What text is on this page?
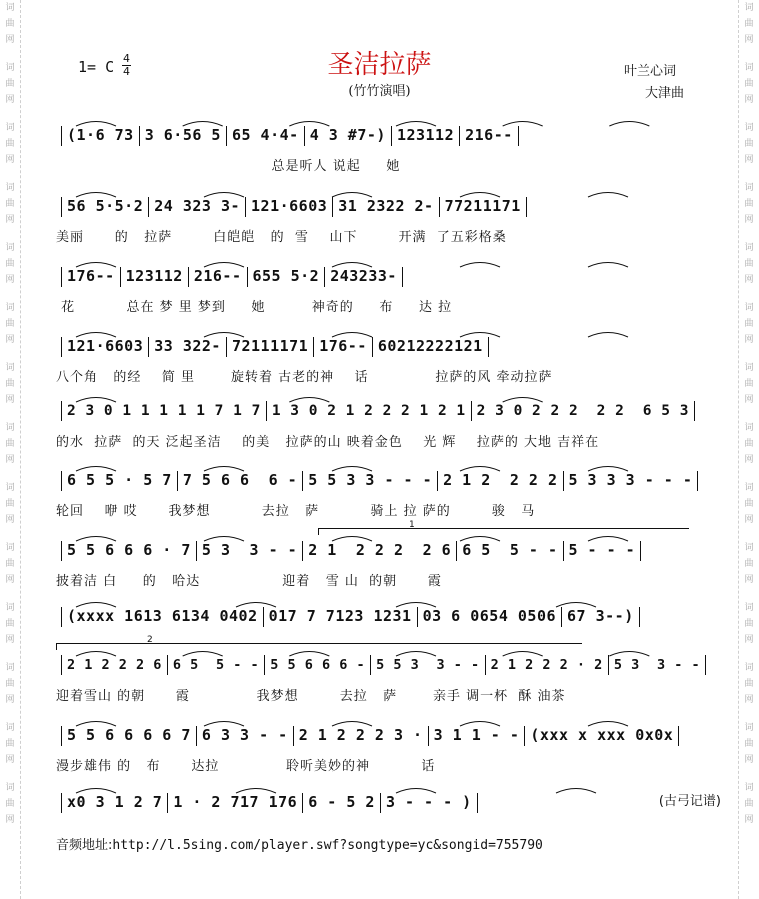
词
曲
网
词
曲
网
词
曲
网
词
曲
网
词
曲
网
词
曲
网
词
曲
网
词
曲
网
词
曲
网
词
曲
网
词
曲
网
词
曲
网
词
曲
网
词
曲
网
词
曲
网
词
曲
网
词
曲
网
词
曲
网
词
曲
网
词
曲
网
词
曲
网
词
曲
网
词
曲
网
词
曲
网
词
曲
网
词
曲
网
词
曲
网
词
曲
网
1= C 4
4	圣洁拉萨
(竹竹演唱)
叶兰心词
大津曲
(1·6 73 3 6·56 5 65 4·4- 4 3 #7-) 123112 216--
总是听人 说起     她
56 5·5·2 24 323 3- 121·6603 31 2322 2- 77211171
美丽      的   拉萨        白皑皑   的  雪    山下        开满  了五彩格桑
176-- 123112 216-- 655 5·2 243233-
花          总在 梦 里 梦到     她         神奇的     布     达 拉
121·6603 33 322- 72111171 176-- 60212222121
八个角   的经    简 里       旋转着 古老的神    话             拉萨的风 牵动拉萨
2 3 0 1 1 1 1 1 7 1 7 1 3 0 2 1 2 2 2 1 2 1 2 3 0 2 2 2  2 2  6 5 3
的水  拉萨  的天 泛起圣洁    的美   拉萨的山 映着金色    光 辉    拉萨的 大地 吉祥在
6 5 5 · 5 7 7 5 6 6  6 - 5 5 3 3 - - - 2 1 2  2 2 2 5 3 3 3 - - -
轮回    咿 哎      我梦想          去拉   萨          骑上 拉 萨的        骏   马
5 5 6 6 6 · 7 5 3  3 - - 2 1  2 2 2  2 6 6 5  5 - - 5 - - -
1
披着洁 白     的   哈达                迎着   雪 山  的朝      霞
(xxxx 1613 6134 0402 017 7 7123 1231 03 6 0654 0506 67 3--)
2 1 2 2 2 6 6 5  5 - - 5 5 6 6 6 - 5 5 3  3 - - 2 1 2 2 2 · 2 5 3  3 - -
2
迎着雪山 的朝      霞             我梦想        去拉   萨       亲手 调一杯  酥 油茶
5 5 6 6 6 6 7 6 3 3 - - 2 1 2 2 2 3 · 3 1 1 - - (xxx x xxx 0x0x
漫步雄伟 的   布      达拉             聆听美妙的神          话
x0 3 1 2 7 1 · 2 717 176 6 - 5 2 3 - - - )	(古弓记谱)
音频地址:http://l.5sing.com/player.swf?songtype=yc&songid=755790
